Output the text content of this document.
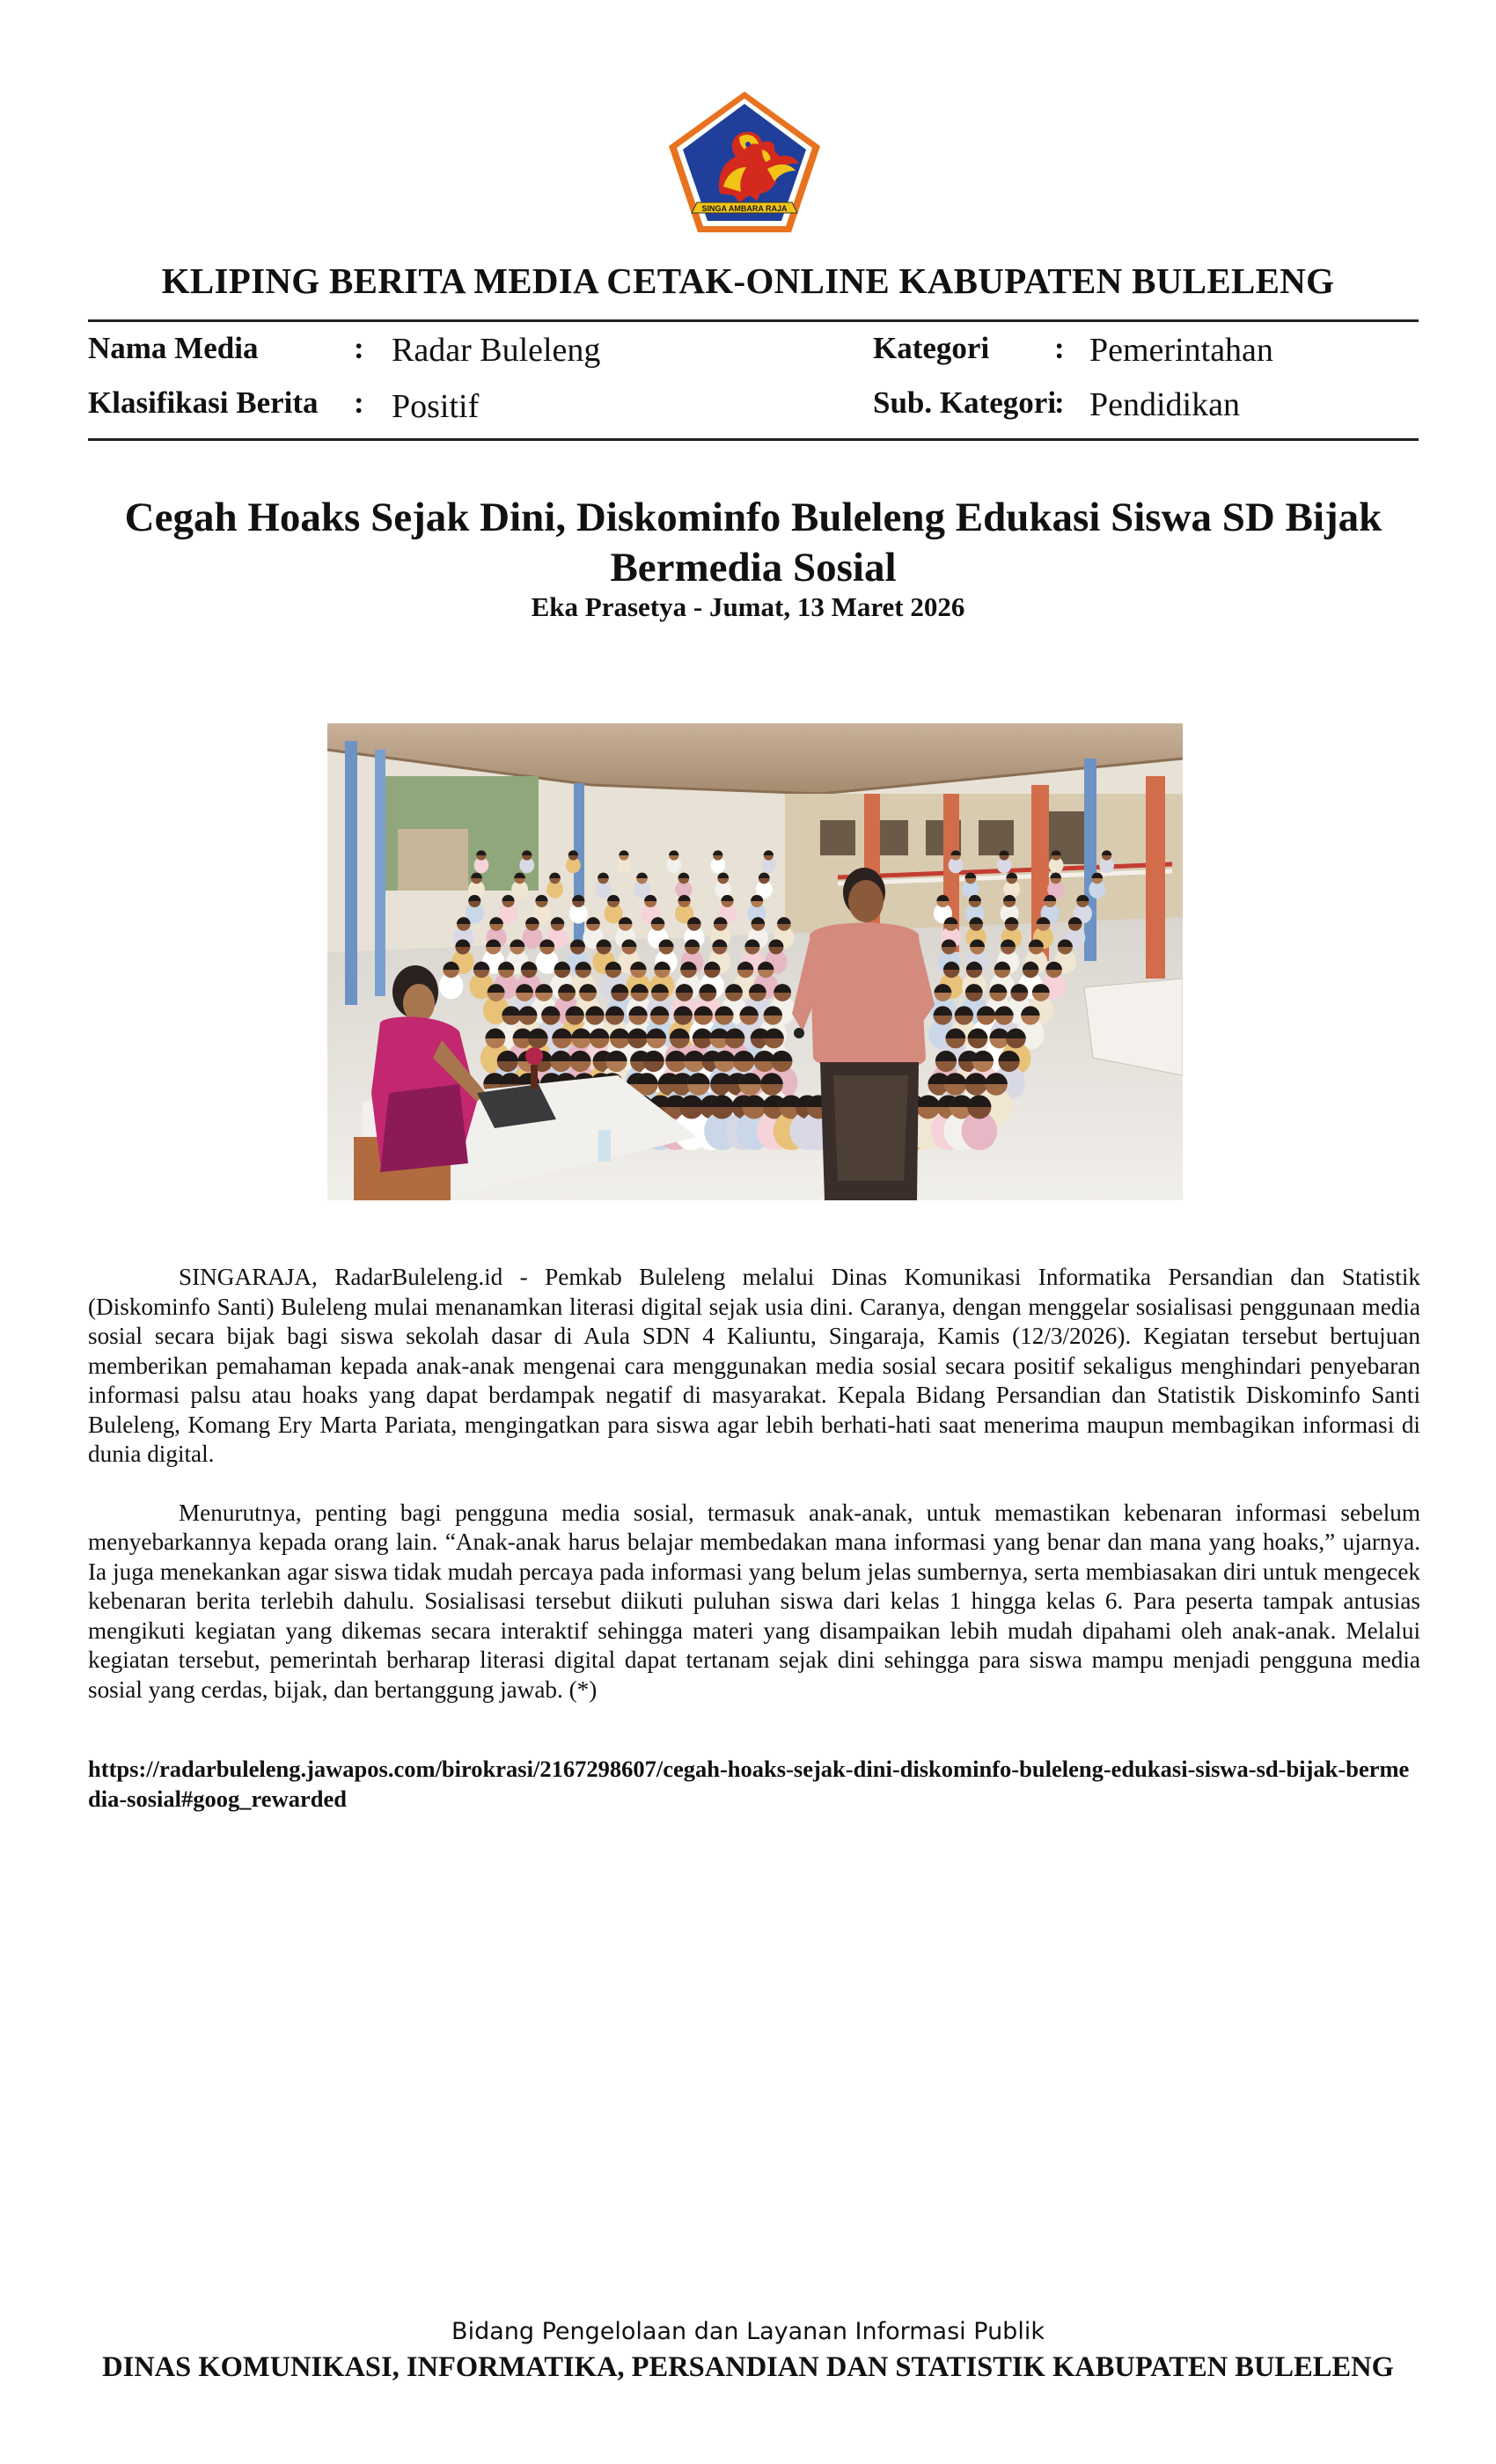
SINGA AMBARA RAJA
KLIPING BERITA MEDIA CETAK-ONLINE KABUPATEN BULELENG
Nama Media	: Radar Buleleng
Klasifikasi Berita : Positif
Kategori : Pemerintahan
Sub. Kategori
: Pendidikan
Cegah Hoaks Sejak Dini, Diskominfo Buleleng Edukasi Siswa SD Bijak Bermedia Sosial
Eka Prasetya - Jumat, 13 Maret 2026

SINGARAJA, RadarBuleleng.id - Pemkab Buleleng melalui Dinas Komunikasi Informatika Persandian dan Statistik (Diskominfo Santi) Buleleng mulai menanamkan literasi digital sejak usia dini. Caranya, dengan menggelar sosialisasi penggunaan media sosial secara bijak bagi siswa sekolah dasar di Aula SDN 4 Kaliuntu, Singaraja, Kamis (12/3/2026). Kegiatan tersebut bertujuan memberikan pemahaman kepada anak-anak mengenai cara menggunakan media sosial secara positif sekaligus menghindari penyebaran informasi palsu atau hoaks yang dapat berdampak negatif di masyarakat. Kepala Bidang Persandian dan Statistik Diskominfo Santi Buleleng, Komang Ery Marta Pariata, mengingatkan para siswa agar lebih berhati-hati saat menerima maupun membagikan informasi di dunia digital.

Menurutnya, penting bagi pengguna media sosial, termasuk anak-anak, untuk memastikan kebenaran informasi sebelum menyebarkannya kepada orang lain. “Anak-anak harus belajar membedakan mana informasi yang benar dan mana yang hoaks,” ujarnya. Ia juga menekankan agar siswa tidak mudah percaya pada informasi yang belum jelas sumbernya, serta membiasakan diri untuk mengecek kebenaran berita terlebih dahulu. Sosialisasi tersebut diikuti puluhan siswa dari kelas 1 hingga kelas 6. Para peserta tampak antusias mengikuti kegiatan yang dikemas secara interaktif sehingga materi yang disampaikan lebih mudah dipahami oleh anak-anak. Melalui kegiatan tersebut, pemerintah berharap literasi digital dapat tertanam sejak dini sehingga para siswa mampu menjadi pengguna media sosial yang cerdas, bijak, dan bertanggung jawab. (*)

https://radarbuleleng.jawapos.com/birokrasi/2167298607/cegah-hoaks-sejak-dini-diskominfo-buleleng-edukasi-siswa-sd-bijak-bermedia-sosial#goog_rewarded
Bidang Pengelolaan dan Layanan Informasi Publik
DINAS KOMUNIKASI, INFORMATIKA, PERSANDIAN DAN STATISTIK KABUPATEN BULELENG
